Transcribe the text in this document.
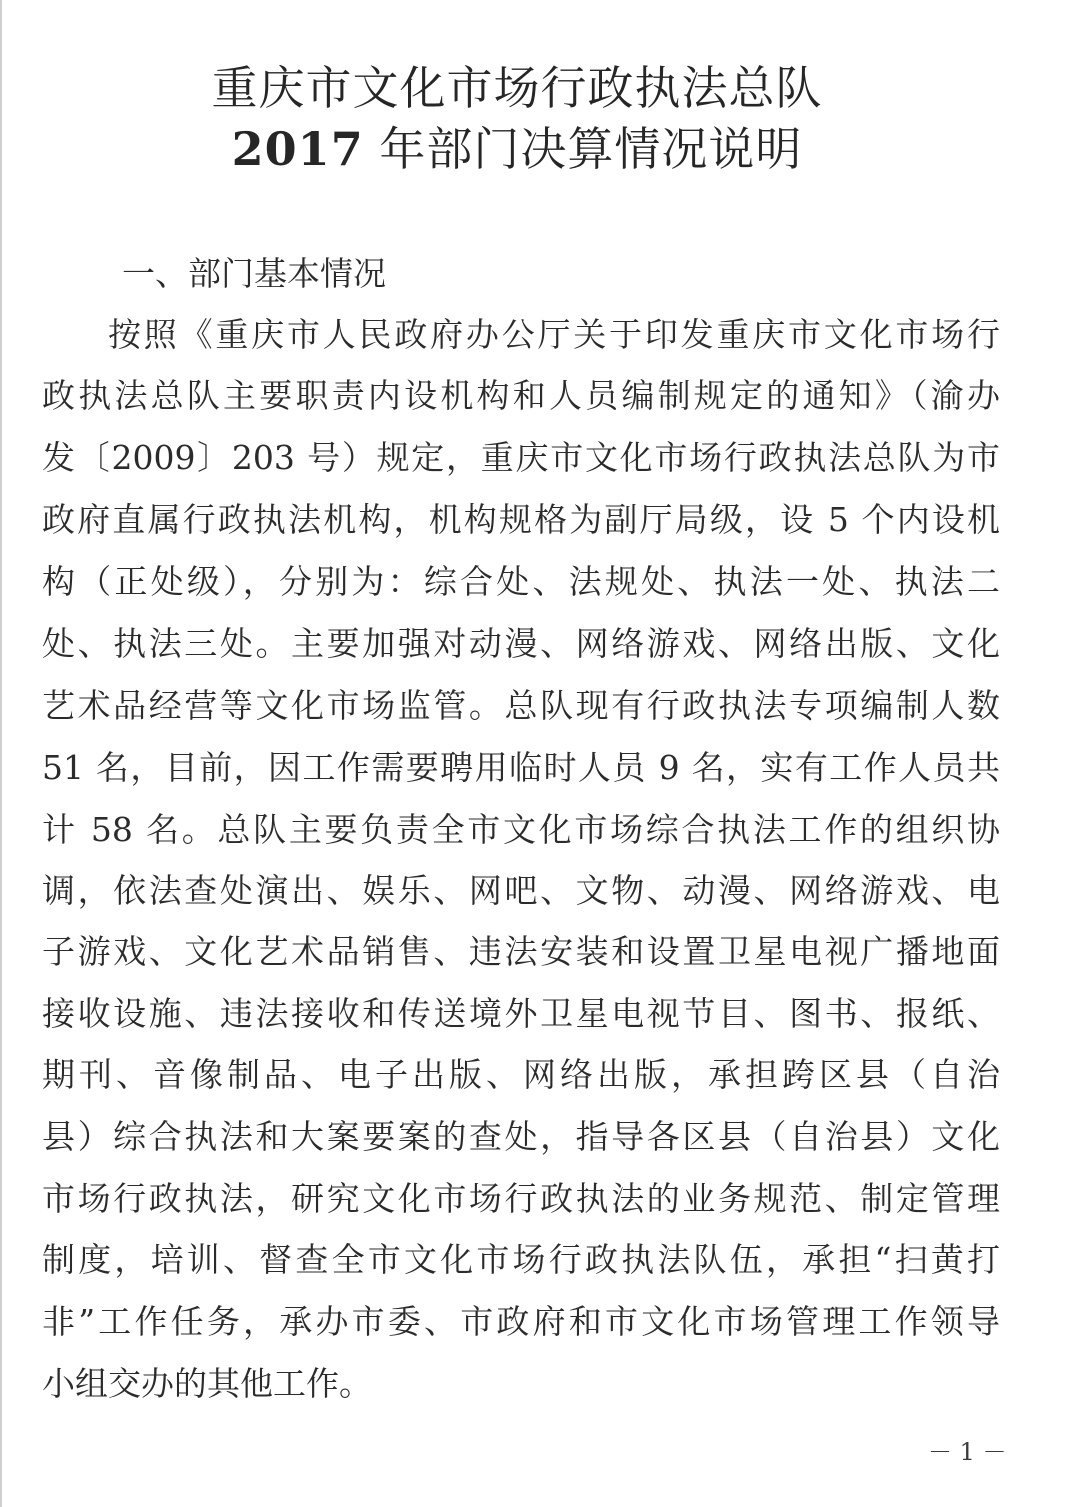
重庆市文化市场行政执法总队
2017 年部门决算情况说明
一、部门基本情况
按照《重庆市人民政府办公厅关于印发重庆市文化市场行
政执法总队主要职责内设机构和人员编制规定的通知》（渝办
发〔2009〕203 号）规定，重庆市文化市场行政执法总队为市
政府直属行政执法机构，机构规格为副厅局级，设 5 个内设机
构（正处级），分别为：综合处、法规处、执法一处、执法二
处、执法三处。主要加强对动漫、网络游戏、网络出版、文化
艺术品经营等文化市场监管。总队现有行政执法专项编制人数
51 名，目前，因工作需要聘用临时人员 9 名，实有工作人员共
计 58 名。总队主要负责全市文化市场综合执法工作的组织协
调，依法查处演出、娱乐、网吧、文物、动漫、网络游戏、电
子游戏、文化艺术品销售、违法安装和设置卫星电视广播地面
接收设施、违法接收和传送境外卫星电视节目、图书、报纸、
期刊、音像制品、电子出版、网络出版，承担跨区县（自治
县）综合执法和大案要案的查处，指导各区县（自治县）文化
市场行政执法，研究文化市场行政执法的业务规范、制定管理
制度，培训、督查全市文化市场行政执法队伍，承担“扫黄打
非”工作任务，承办市委、市政府和市文化市场管理工作领导
小组交办的其他工作。
－ 1 －
